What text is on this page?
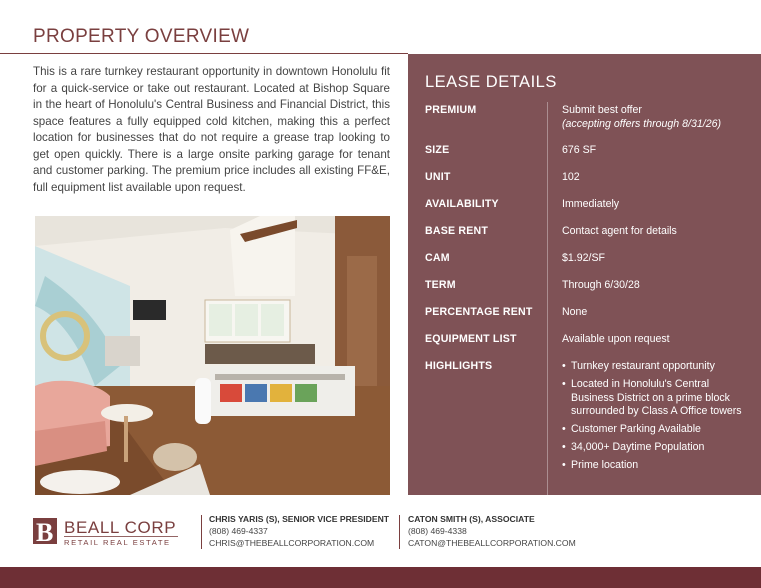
PROPERTY OVERVIEW

This is a rare turnkey restaurant opportunity in downtown Honolulu fit for a quick-service or take out restaurant. Located at Bishop Square in the heart of Honolulu's Central Business and Financial District, this space features a fully equipped cold kitchen, making this a perfect location for businesses that do not require a grease trap looking to get open quickly. There is a large onsite parking garage for tenant and customer parking. The premium price includes all existing FF&E, full equipment list available upon request.

LEASE DETAILS
PREMIUM	Submit best offer
(accepting offers through 8/31/26)
SIZE	676 SF
UNIT	102
AVAILABILITY	Immediately
BASE RENT	Contact agent for details
CAM	$1.92/SF
TERM	Through 6/30/28
PERCENTAGE RENT	None
EQUIPMENT LIST	Available upon request
HIGHLIGHTS	• Turnkey restaurant opportunity
• Located in Honolulu's Central Business District on a prime block surrounded by Class A Office towers
• Customer Parking Available
• 34,000+ Daytime Population
• Prime location
B BEALL CORP
RETAIL REAL ESTATE
CHRIS YARIS (S), SENIOR VICE PRESIDENT
(808) 469-4337
CHRIS@THEBEALLCORPORATION.COM
CATON SMITH (S), ASSOCIATE
(808) 469-4338
CATON@THEBEALLCORPORATION.COM
